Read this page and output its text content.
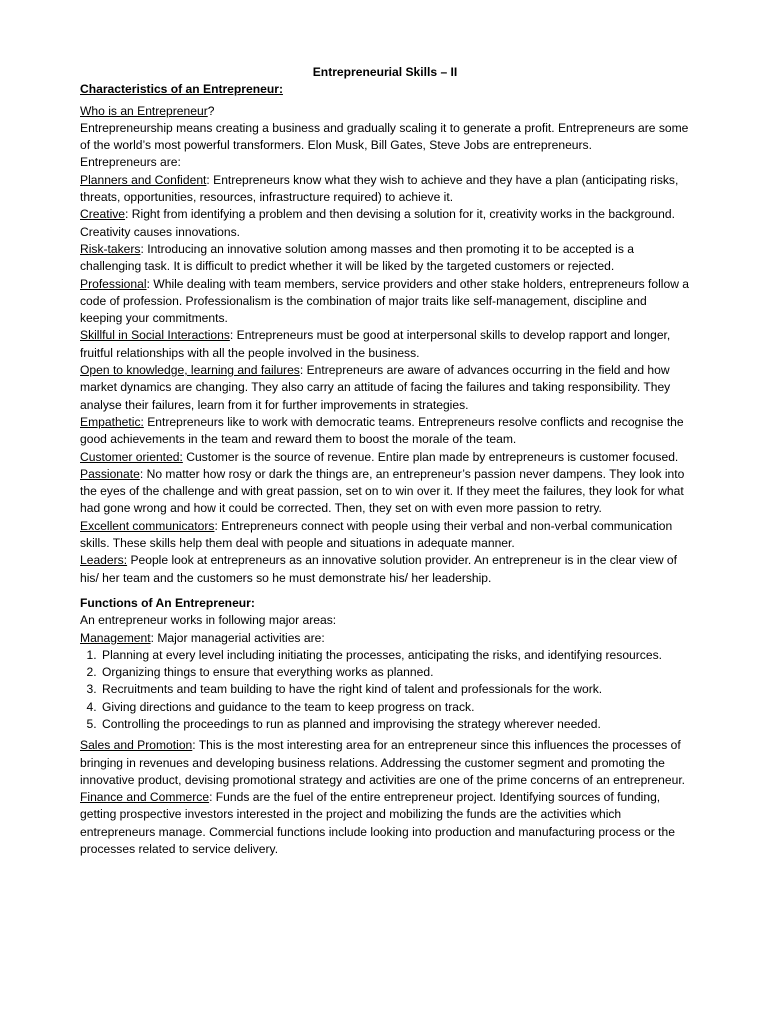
Entrepreneurial Skills – II

Characteristics of an Entrepreneur:

Who is an Entrepreneur?

Entrepreneurship means creating a business and gradually scaling it to generate a profit. Entrepreneurs are some of the world’s most powerful transformers. Elon Musk, Bill Gates, Steve Jobs are entrepreneurs.

Entrepreneurs are:

Planners and Confident: Entrepreneurs know what they wish to achieve and they have a plan (anticipating risks, threats, opportunities, resources, infrastructure required) to achieve it.

Creative: Right from identifying a problem and then devising a solution for it, creativity works in the background. Creativity causes innovations.

Risk-takers: Introducing an innovative solution among masses and then promoting it to be accepted is a challenging task. It is difficult to predict whether it will be liked by the targeted customers or rejected.

Professional: While dealing with team members, service providers and other stake holders, entrepreneurs follow a code of profession. Professionalism is the combination of major traits like self-management, discipline and keeping your commitments.

Skillful in Social Interactions: Entrepreneurs must be good at interpersonal skills to develop rapport and longer, fruitful relationships with all the people involved in the business.

Open to knowledge, learning and failures: Entrepreneurs are aware of advances occurring in the field and how market dynamics are changing. They also carry an attitude of facing the failures and taking responsibility. They analyse their failures, learn from it for further improvements in strategies.

Empathetic: Entrepreneurs like to work with democratic teams. Entrepreneurs resolve conflicts and recognise the good achievements in the team and reward them to boost the morale of the team.

Customer oriented: Customer is the source of revenue. Entire plan made by entrepreneurs is customer focused.

Passionate: No matter how rosy or dark the things are, an entrepreneur’s passion never dampens. They look into the eyes of the challenge and with great passion, set on to win over it. If they meet the failures, they look for what had gone wrong and how it could be corrected. Then, they set on with even more passion to retry.

Excellent communicators: Entrepreneurs connect with people using their verbal and non-verbal communication skills. These skills help them deal with people and situations in adequate manner.

Leaders: People look at entrepreneurs as an innovative solution provider. An entrepreneur is in the clear view of his/ her team and the customers so he must demonstrate his/ her leadership.

Functions of An Entrepreneur:

An entrepreneur works in following major areas:

Management: Major managerial activities are:

1. Planning at every level including initiating the processes, anticipating the risks, and identifying resources.
2. Organizing things to ensure that everything works as planned.
3. Recruitments and team building to have the right kind of talent and professionals for the work.
4. Giving directions and guidance to the team to keep progress on track.
5. Controlling the proceedings to run as planned and improvising the strategy wherever needed.

Sales and Promotion: This is the most interesting area for an entrepreneur since this influences the processes of bringing in revenues and developing business relations. Addressing the customer segment and promoting the innovative product, devising promotional strategy and activities are one of the prime concerns of an entrepreneur.

Finance and Commerce: Funds are the fuel of the entire entrepreneur project. Identifying sources of funding, getting prospective investors interested in the project and mobilizing the funds are the activities which entrepreneurs manage. Commercial functions include looking into production and manufacturing process or the processes related to service delivery.
